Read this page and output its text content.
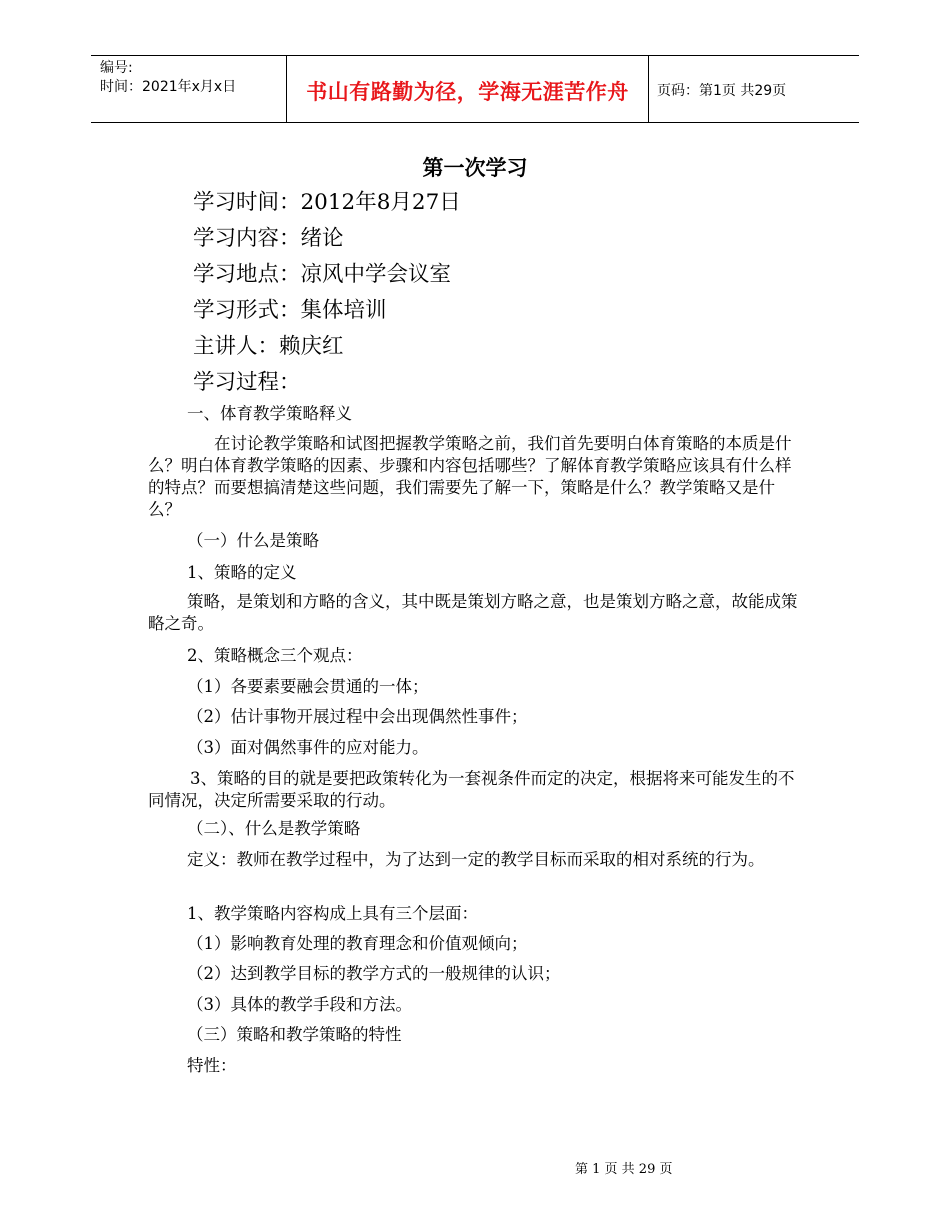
编号:
时间：2021年x月x日	书山有路勤为径，学海无涯苦作舟	页码：第1页 共29页
第一次学习
学习时间：2012年8月27日
学习内容：绪论
学习地点：凉风中学会议室
学习形式：集体培训
主讲人：赖庆红
学习过程：
一、体育教学策略释义
在讨论教学策略和试图把握教学策略之前，我们首先要明白体育策略的本质是什么？明白体育教学策略的因素、步骤和内容包括哪些？了解体育教学策略应该具有什么样的特点？而要想搞清楚这些问题，我们需要先了解一下，策略是什么？教学策略又是什么？
（一）什么是策略
1、策略的定义
策略，是策划和方略的含义，其中既是策划方略之意，也是策划方略之意，故能成策略之奇。
2、策略概念三个观点：
（1）各要素要融会贯通的一体；
（2）估计事物开展过程中会出现偶然性事件；
（3）面对偶然事件的应对能力。
3、策略的目的就是要把政策转化为一套视条件而定的决定，根据将来可能发生的不同情况，决定所需要采取的行动。
（二）、什么是教学策略
定义：教师在教学过程中，为了达到一定的教学目标而采取的相对系统的行为。
1、教学策略内容构成上具有三个层面：
（1）影响教育处理的教育理念和价值观倾向；
（2）达到教学目标的教学方式的一般规律的认识；
（3）具体的教学手段和方法。
（三）策略和教学策略的特性
特性：
第 1 页 共 29 页
